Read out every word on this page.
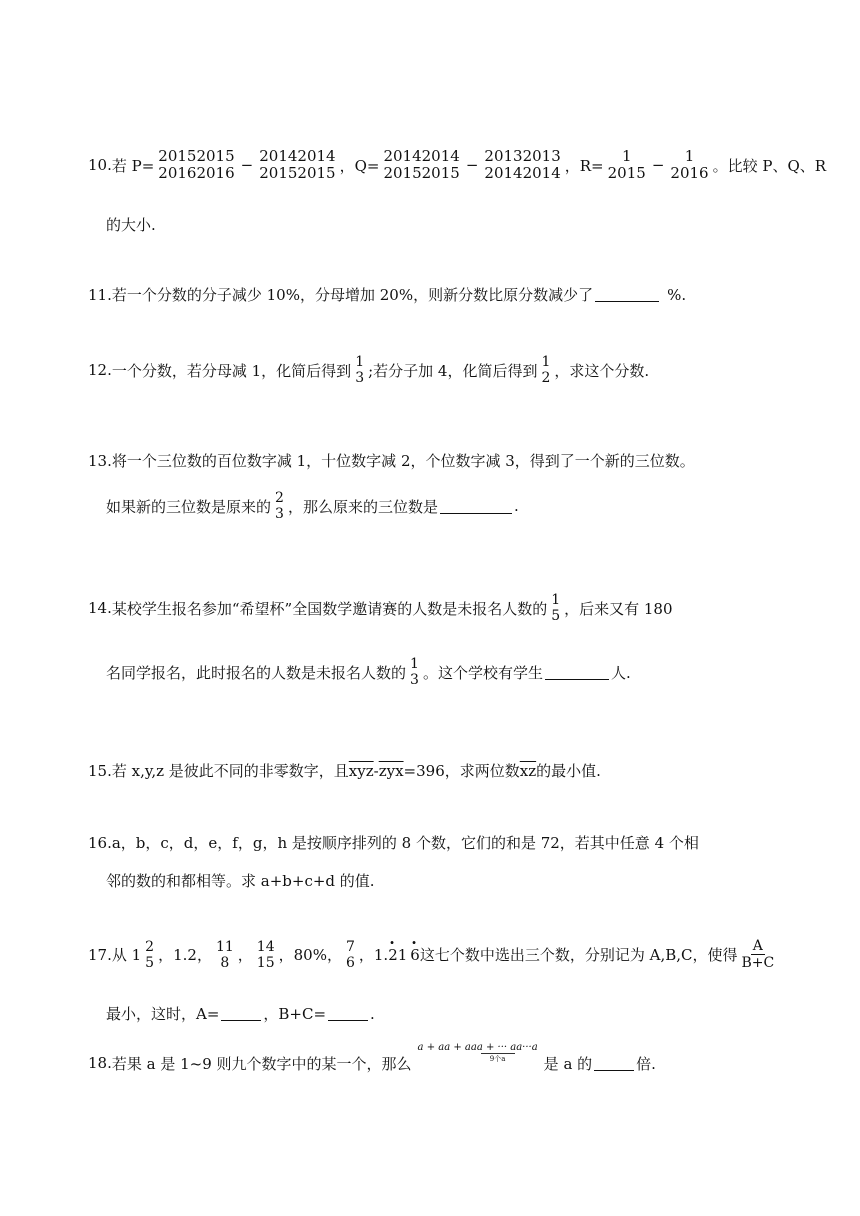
10. 若 P=
20152015
20162016 −
20142014
20152015 ，Q=
20142014
20152015 −
20132013
20142014 ，R=
1
2015 −
1
2016 。比较 P、Q、R
的大小.
11. 若一个分数的分子减少 10%，分母增加 20%，则新分数比原分数减少了	%.
12. 一个分数，若分母减 1，化简后得到 1
3 ;若分子加 4，化简后得到 1
2 ，求这个分数.
13. 将一个三位数的百位数字减 1，十位数字减 2，个位数字减 3，得到了一个新的三位数。
如果新的三位数是原来的 2
3 ，那么原来的三位数是	.
14. 某校学生报名参加“希望杯”全国数学邀请赛的人数是未报名人数的 1
5 ，后来又有 180
名同学报名，此时报名的人数是未报名人数的 1
3 。这个学校有学生	人.
15. 若 x,y,z 是彼此不同的非零数字，且 $\overline{xyz} - \overline{zyx} =396$，求两位数 $\overline{xz}$ 的最小值.
16. a，b，c，d，e，f，g，h 是按顺序排列的 8 个数，它们的和是 72，若其中任意 4 个相
邻的数的和都相等。求 a+b+c+d 的值.
17. 从 1 2
5 ，1.2， 11
8 ， 14
15 ，80%， 7
6 ，1. · 2 1 · 6 这七个数中选出三个数，分别记为 A,B,C，使得 $\frac{A}{B+C}$
最小，这时，A=	，B+C=	.
18. 若果 a 是 1~9 则九个数字中的某一个，那么
a + aa + aaa + ··· aa···a
9个a	是 a 的	倍.
